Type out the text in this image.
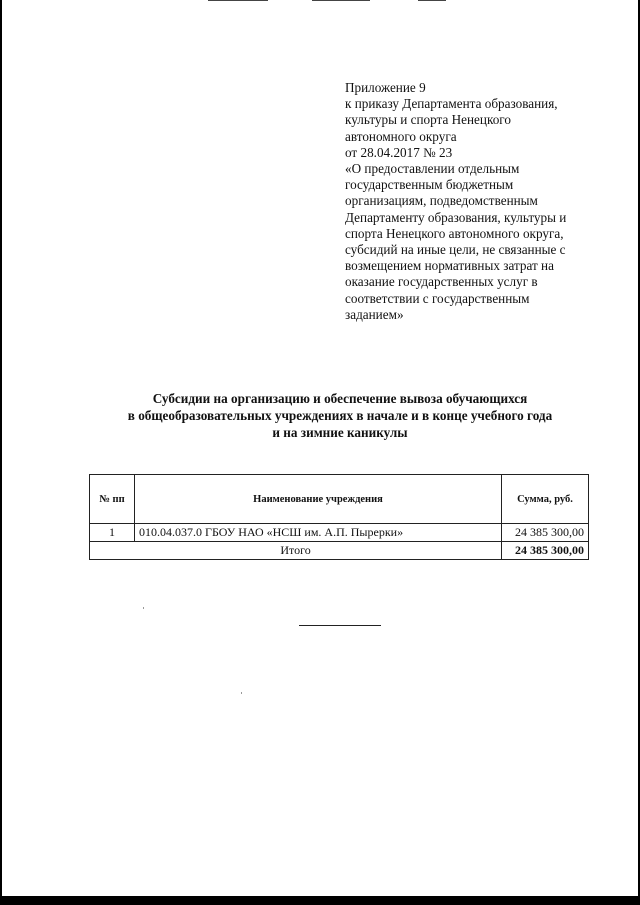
Приложение 9
к приказу Департамента образования,
культуры и спорта Ненецкого
автономного округа
от 28.04.2017 № 23
«О предоставлении отдельным
государственным бюджетным
организациям, подведомственным
Департаменту образования, культуры и
спорта Ненецкого автономного округа,
субсидий на иные цели, не связанные с
возмещением нормативных затрат на
оказание государственных услуг в
соответствии с государственным
заданием»
Субсидии на организацию и обеспечение вывоза обучающихся
в общеобразовательных учреждениях в начале и в конце учебного года
и на зимние каникулы
№ пп	Наименование учреждения	Сумма, руб.
1	010.04.037.0 ГБОУ НАО «НСШ им. А.П. Пырерки»	24 385 300,00
Итого		24 385 300,00
